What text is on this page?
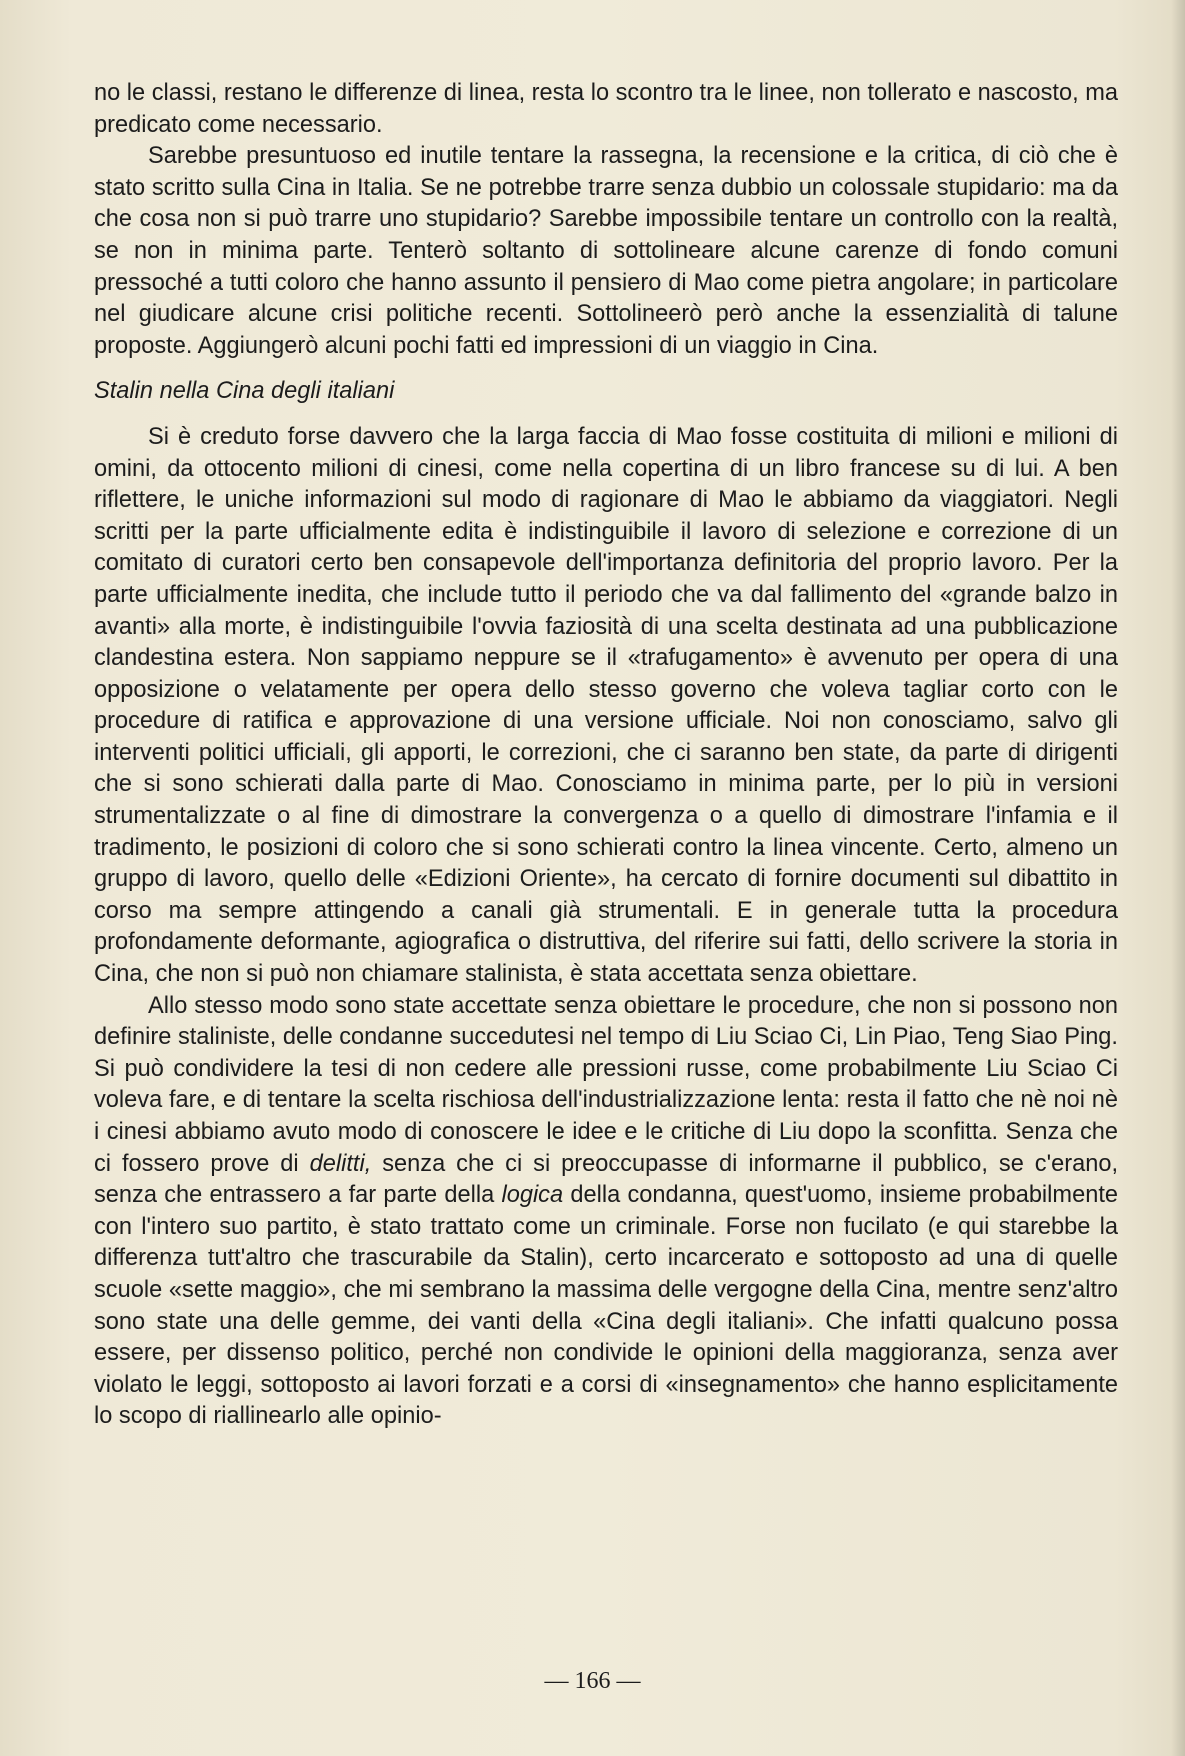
no le classi, restano le differenze di linea, resta lo scontro tra le linee, non tollerato e nascosto, ma predicato come necessario.

Sarebbe presuntuoso ed inutile tentare la rassegna, la recensione e la critica, di ciò che è stato scritto sulla Cina in Italia. Se ne potrebbe trarre senza dubbio un colossale stupidario: ma da che cosa non si può trarre uno stupidario? Sarebbe impossibile tentare un controllo con la realtà, se non in minima parte. Tenterò soltanto di sottolineare alcune carenze di fondo comuni pressoché a tutti coloro che hanno assunto il pensiero di Mao come pietra angolare; in particolare nel giudicare alcune crisi politiche recenti. Sottolineerò però anche la essenzialità di talune proposte. Aggiungerò alcuni pochi fatti ed impressioni di un viaggio in Cina.

Stalin nella Cina degli italiani

Si è creduto forse davvero che la larga faccia di Mao fosse costituita di milioni e milioni di omini, da ottocento milioni di cinesi, come nella copertina di un libro francese su di lui. A ben riflettere, le uniche informazioni sul modo di ragionare di Mao le abbiamo da viaggiatori. Negli scritti per la parte ufficialmente edita è indistinguibile il lavoro di selezione e correzione di un comitato di curatori certo ben consapevole dell'importanza definitoria del proprio lavoro. Per la parte ufficialmente inedita, che include tutto il periodo che va dal fallimento del «grande balzo in avanti» alla morte, è indistinguibile l'ovvia faziosità di una scelta destinata ad una pubblicazione clandestina estera. Non sappiamo neppure se il «trafugamento» è avvenuto per opera di una opposizione o velatamente per opera dello stesso governo che voleva tagliar corto con le procedure di ratifica e approvazione di una versione ufficiale. Noi non conosciamo, salvo gli interventi politici ufficiali, gli apporti, le correzioni, che ci saranno ben state, da parte di dirigenti che si sono schierati dalla parte di Mao. Conosciamo in minima parte, per lo più in versioni strumentalizzate o al fine di dimostrare la convergenza o a quello di dimostrare l'infamia e il tradimento, le posizioni di coloro che si sono schierati contro la linea vincente. Certo, almeno un gruppo di lavoro, quello delle «Edizioni Oriente», ha cercato di fornire documenti sul dibattito in corso ma sempre attingendo a canali già strumentali. E in generale tutta la procedura profondamente deformante, agiografica o distruttiva, del riferire sui fatti, dello scrivere la storia in Cina, che non si può non chiamare stalinista, è stata accettata senza obiettare.

Allo stesso modo sono state accettate senza obiettare le procedure, che non si possono non definire staliniste, delle condanne succedutesi nel tempo di Liu Sciao Ci, Lin Piao, Teng Siao Ping. Si può condividere la tesi di non cedere alle pressioni russe, come probabilmente Liu Sciao Ci voleva fare, e di tentare la scelta rischiosa dell'industrializzazione lenta: resta il fatto che nè noi nè i cinesi abbiamo avuto modo di conoscere le idee e le critiche di Liu dopo la sconfitta. Senza che ci fossero prove di delitti, senza che ci si preoccupasse di informarne il pubblico, se c'erano, senza che entrassero a far parte della logica della condanna, quest'uomo, insieme probabilmente con l'intero suo partito, è stato trattato come un criminale. Forse non fucilato (e qui starebbe la differenza tutt'altro che trascurabile da Stalin), certo incarcerato e sottoposto ad una di quelle scuole «sette maggio», che mi sembrano la massima delle vergogne della Cina, mentre senz'altro sono state una delle gemme, dei vanti della «Cina degli italiani». Che infatti qualcuno possa essere, per dissenso politico, perché non condivide le opinioni della maggioranza, senza aver violato le leggi, sottoposto ai lavori forzati e a corsi di «insegnamento» che hanno esplicitamente lo scopo di riallinearlo alle opinio-

— 166 —
